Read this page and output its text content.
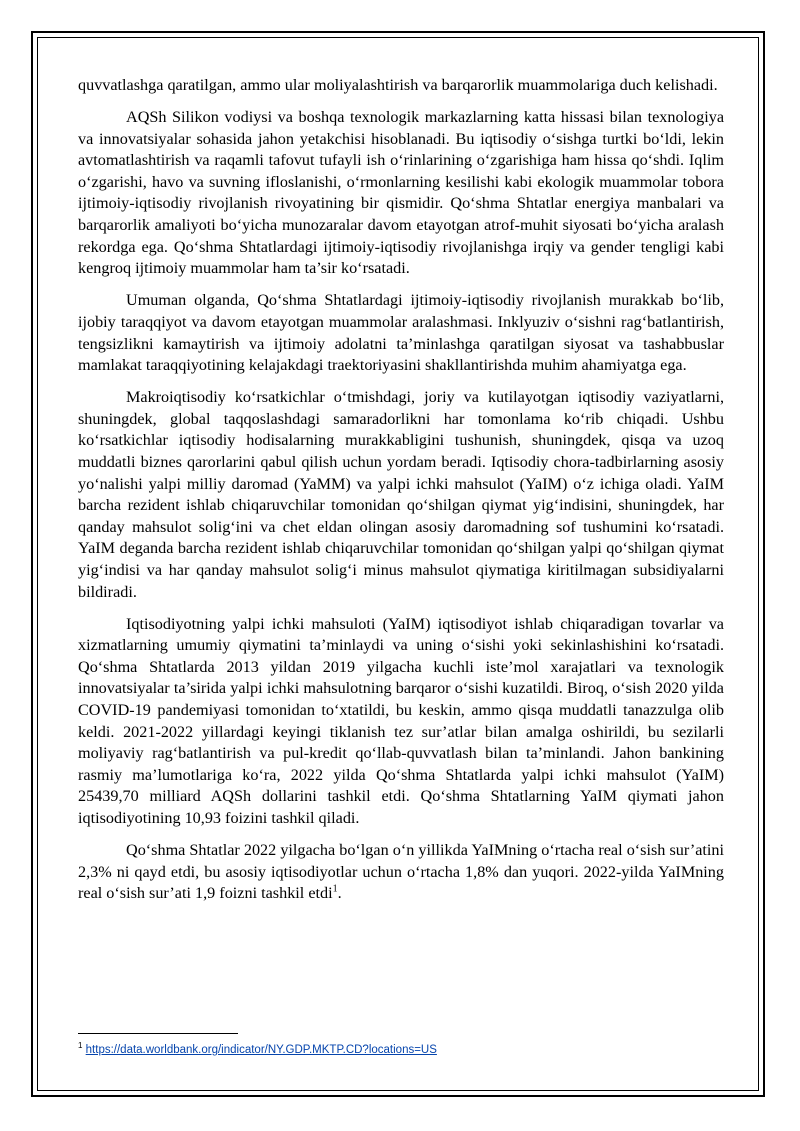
quvvatlashga qaratilgan, ammo ular moliyalashtirish va barqarorlik muammolariga duch kelishadi.

AQSh Silikon vodiysi va boshqa texnologik markazlarning katta hissasi bilan texnologiya va innovatsiyalar sohasida jahon yetakchisi hisoblanadi. Bu iqtisodiy o‘sishga turtki bo‘ldi, lekin avtomatlashtirish va raqamli tafovut tufayli ish o‘rinlarining o‘zgarishiga ham hissa qo‘shdi. Iqlim o‘zgarishi, havo va suvning ifloslanishi, o‘rmonlarning kesilishi kabi ekologik muammolar tobora ijtimoiy-iqtisodiy rivojlanish rivoyatining bir qismidir. Qo‘shma Shtatlar energiya manbalari va barqarorlik amaliyoti bo‘yicha munozaralar davom etayotgan atrof-muhit siyosati bo‘yicha aralash rekordga ega. Qo‘shma Shtatlardagi ijtimoiy-iqtisodiy rivojlanishga irqiy va gender tengligi kabi kengroq ijtimoiy muammolar ham ta’sir ko‘rsatadi.

Umuman olganda, Qo‘shma Shtatlardagi ijtimoiy-iqtisodiy rivojlanish murakkab bo‘lib, ijobiy taraqqiyot va davom etayotgan muammolar aralashmasi. Inklyuziv o‘sishni rag‘batlantirish, tengsizlikni kamaytirish va ijtimoiy adolatni ta’minlashga qaratilgan siyosat va tashabbuslar mamlakat taraqqiyotining kelajakdagi traektoriyasini shakllantirishda muhim ahamiyatga ega.

Makroiqtisodiy ko‘rsatkichlar o‘tmishdagi, joriy va kutilayotgan iqtisodiy vaziyatlarni, shuningdek, global taqqoslashdagi samaradorlikni har tomonlama ko‘rib chiqadi. Ushbu ko‘rsatkichlar iqtisodiy hodisalarning murakkabligini tushunish, shuningdek, qisqa va uzoq muddatli biznes qarorlarini qabul qilish uchun yordam beradi. Iqtisodiy chora-tadbirlarning asosiy yo‘nalishi yalpi milliy daromad (YaMM) va yalpi ichki mahsulot (YaIM) o‘z ichiga oladi. YaIM barcha rezident ishlab chiqaruvchilar tomonidan qo‘shilgan qiymat yig‘indisini, shuningdek, har qanday mahsulot solig‘ini va chet eldan olingan asosiy daromadning sof tushumini ko‘rsatadi. YaIM deganda barcha rezident ishlab chiqaruvchilar tomonidan qo‘shilgan yalpi qo‘shilgan qiymat yig‘indisi va har qanday mahsulot solig‘i minus mahsulot qiymatiga kiritilmagan subsidiyalarni bildiradi.

Iqtisodiyotning yalpi ichki mahsuloti (YaIM) iqtisodiyot ishlab chiqaradigan tovarlar va xizmatlarning umumiy qiymatini ta’minlaydi va uning o‘sishi yoki sekinlashishini ko‘rsatadi. Qo‘shma Shtatlarda 2013 yildan 2019 yilgacha kuchli iste’mol xarajatlari va texnologik innovatsiyalar ta’sirida yalpi ichki mahsulotning barqaror o‘sishi kuzatildi. Biroq, o‘sish 2020 yilda COVID-19 pandemiyasi tomonidan to‘xtatildi, bu keskin, ammo qisqa muddatli tanazzulga olib keldi. 2021-2022 yillardagi keyingi tiklanish tez sur’atlar bilan amalga oshirildi, bu sezilarli moliyaviy rag‘batlantirish va pul-kredit qo‘llab-quvvatlash bilan ta’minlandi. Jahon bankining rasmiy ma’lumotlariga ko‘ra, 2022 yilda Qo‘shma Shtatlarda yalpi ichki mahsulot (YaIM) 25439,70 milliard AQSh dollarini tashkil etdi. Qo‘shma Shtatlarning YaIM qiymati jahon iqtisodiyotining 10,93 foizini tashkil qiladi.

Qo‘shma Shtatlar 2022 yilgacha bo‘lgan o‘n yillikda YaIMning o‘rtacha real o‘sish sur’atini 2,3% ni qayd etdi, bu asosiy iqtisodiyotlar uchun o‘rtacha 1,8% dan yuqori. 2022-yilda YaIMning real o‘sish sur’ati 1,9 foizni tashkil etdi$^1$.

$^1$ https://data.worldbank.org/indicator/NY.GDP.MKTP.CD?locations=US
